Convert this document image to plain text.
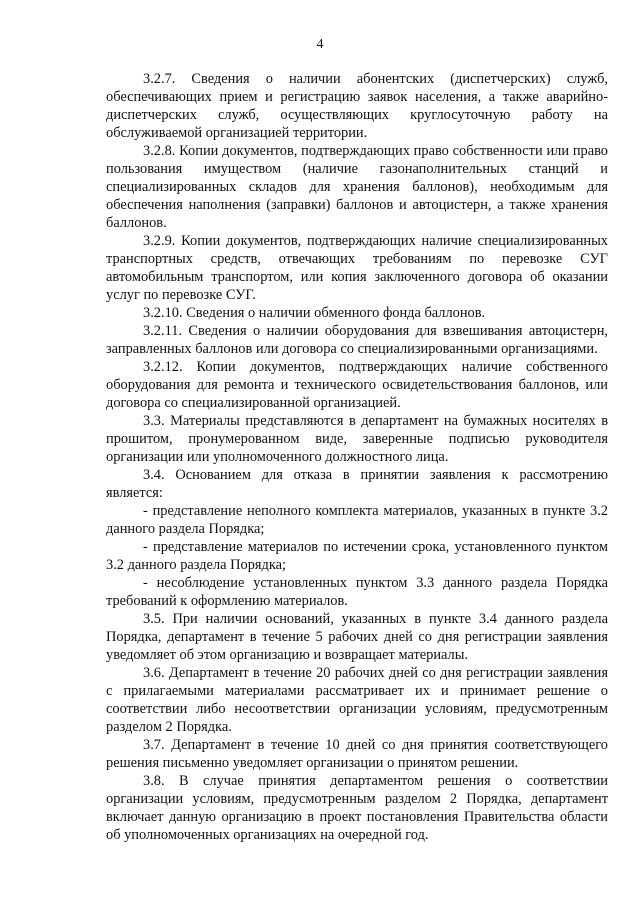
4

3.2.7. Сведения о наличии абонентских (диспетчерских) служб, обеспечивающих прием и регистрацию заявок населения, а также аварийно-диспетчерских служб, осуществляющих круглосуточную работу на обслуживаемой организацией территории.

3.2.8. Копии документов, подтверждающих право собственности или право пользования имуществом (наличие газонаполнительных станций и специализированных складов для хранения баллонов), необходимым для обеспечения наполнения (заправки) баллонов и автоцистерн, а также хранения баллонов.

3.2.9. Копии документов, подтверждающих наличие специализированных транспортных средств, отвечающих требованиям по перевозке СУГ автомобильным транспортом, или копия заключенного договора об оказании услуг по перевозке СУГ.

3.2.10. Сведения о наличии обменного фонда баллонов.

3.2.11. Сведения о наличии оборудования для взвешивания автоцистерн, заправленных баллонов или договора со специализированными организациями.

3.2.12. Копии документов, подтверждающих наличие собственного оборудования для ремонта и технического освидетельствования баллонов, или договора со специализированной организацией.

3.3. Материалы представляются в департамент на бумажных носителях в прошитом, пронумерованном виде, заверенные подписью руководителя организации или уполномоченного должностного лица.

3.4. Основанием для отказа в принятии заявления к рассмотрению является:

- представление неполного комплекта материалов, указанных в пункте 3.2 данного раздела Порядка;

- представление материалов по истечении срока, установленного пунктом 3.2 данного раздела Порядка;

- несоблюдение установленных пунктом 3.3 данного раздела Порядка требований к оформлению материалов.

3.5. При наличии оснований, указанных в пункте 3.4 данного раздела Порядка, департамент в течение 5 рабочих дней со дня регистрации заявления уведомляет об этом организацию и возвращает материалы.

3.6. Департамент в течение 20 рабочих дней со дня регистрации заявления с прилагаемыми материалами рассматривает их и принимает решение о соответствии либо несоответствии организации условиям, предусмотренным разделом 2 Порядка.

3.7. Департамент в течение 10 дней со дня принятия соответствующего решения письменно уведомляет организации о принятом решении.

3.8. В случае принятия департаментом решения о соответствии организации условиям, предусмотренным разделом 2 Порядка, департамент включает данную организацию в проект постановления Правительства области об уполномоченных организациях на очередной год.
